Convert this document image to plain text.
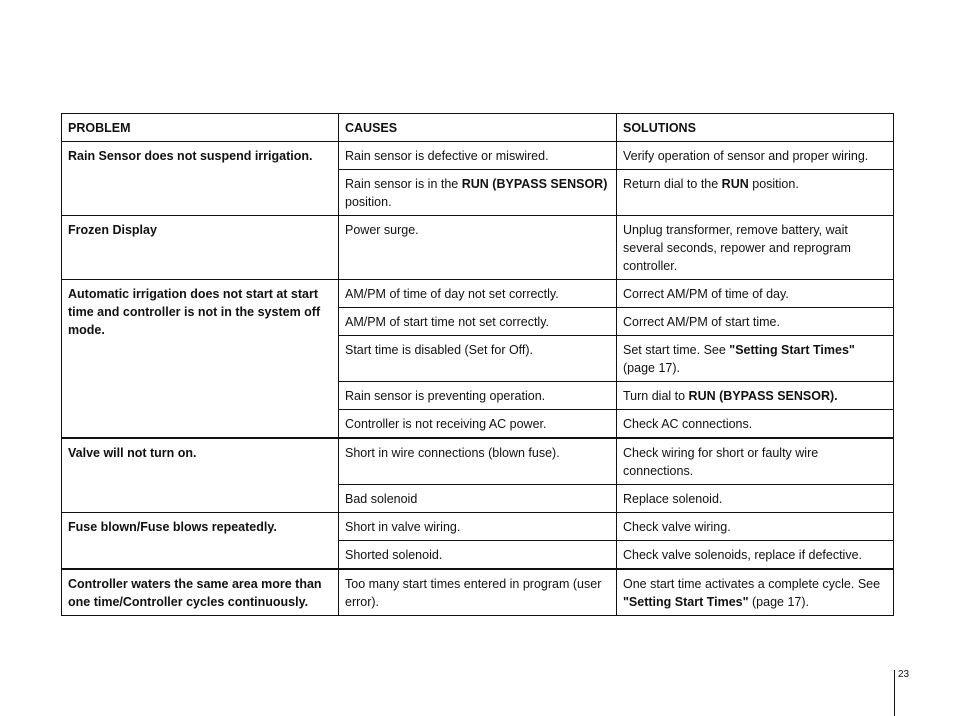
PROBLEM	CAUSES	SOLUTIONS
Rain Sensor does not suspend irrigation.	Rain sensor is defective or miswired.	Verify operation of sensor and proper wiring.
	Rain sensor is in the RUN (BYPASS SENSOR) position.	Return dial to the RUN position.
Frozen Display	Power surge.	Unplug transformer, remove battery, wait several seconds, repower and reprogram controller.
Automatic irrigation does not start at start time and controller is not in the system off mode.	AM/PM of time of day not set correctly.	Correct AM/PM of time of day.
	AM/PM of start time not set correctly.	Correct AM/PM of start time.
	Start time is disabled (Set for Off).	Set start time. See "Setting Start Times" (page 17).
	Rain sensor is preventing operation.	Turn dial to RUN (BYPASS SENSOR).
	Controller is not receiving AC power.	Check AC connections.
Valve will not turn on.	Short in wire connections (blown fuse).	Check wiring for short or faulty wire connections.
	Bad solenoid	Replace solenoid.
Fuse blown/Fuse blows repeatedly.	Short in valve wiring.	Check valve wiring.
	Shorted solenoid.	Check valve solenoids, replace if defective.
Controller waters the same area more than one time/Controller cycles continuously.	Too many start times entered in program (user error).	One start time activates a complete cycle. See "Setting Start Times" (page 17).
23
